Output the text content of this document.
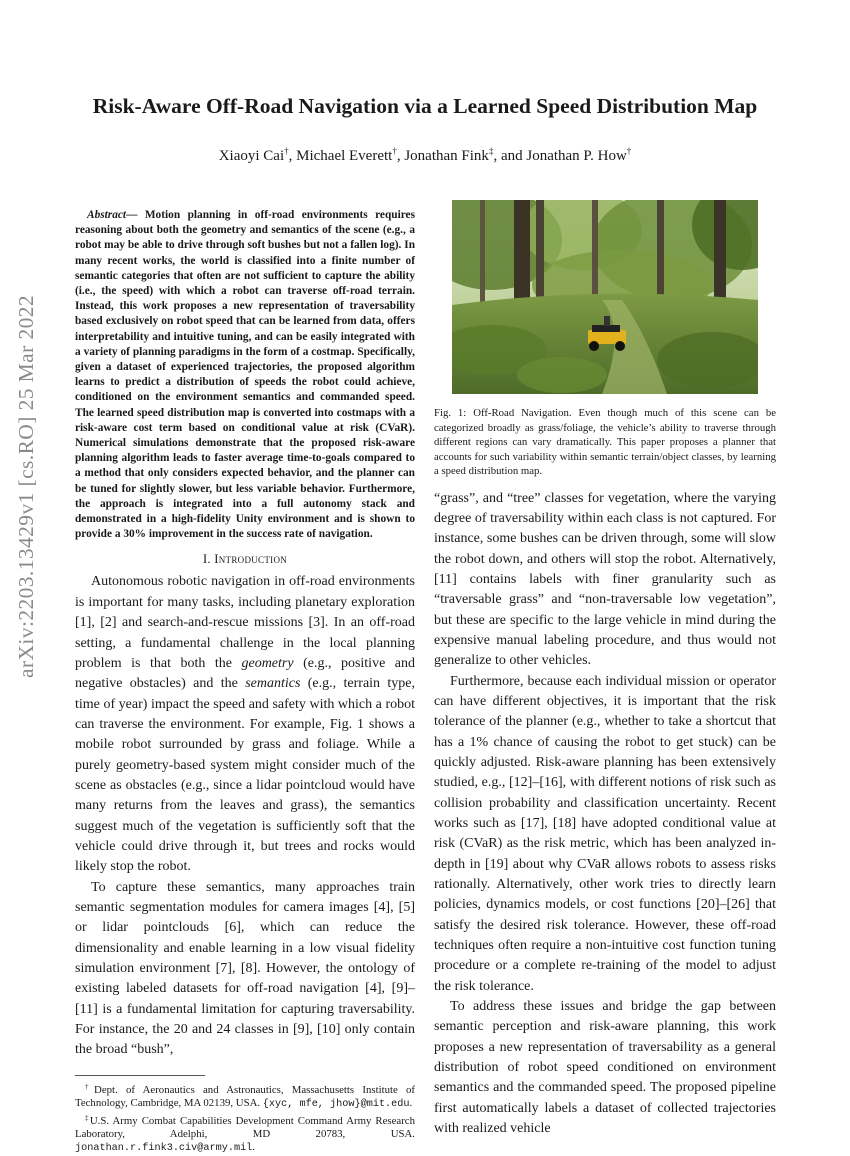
arXiv:2203.13429v1 [cs.RO] 25 Mar 2022
Risk-Aware Off-Road Navigation via a Learned Speed Distribution Map
Xiaoyi Cai†, Michael Everett†, Jonathan Fink‡, and Jonathan P. How†

Abstract— Motion planning in off-road environments requires reasoning about both the geometry and semantics of the scene (e.g., a robot may be able to drive through soft bushes but not a fallen log). In many recent works, the world is classified into a finite number of semantic categories that often are not sufficient to capture the ability (i.e., the speed) with which a robot can traverse off-road terrain. Instead, this work proposes a new representation of traversability based exclusively on robot speed that can be learned from data, offers interpretability and intuitive tuning, and can be easily integrated with a variety of planning paradigms in the form of a costmap. Specifically, given a dataset of experienced trajectories, the proposed algorithm learns to predict a distribution of speeds the robot could achieve, conditioned on the environment semantics and commanded speed. The learned speed distribution map is converted into costmaps with a risk-aware cost term based on conditional value at risk (CVaR). Numerical simulations demonstrate that the proposed risk-aware planning algorithm leads to faster average time-to-goals compared to a method that only considers expected behavior, and the planner can be tuned for slightly slower, but less variable behavior. Furthermore, the approach is integrated into a full autonomy stack and demonstrated in a high-fidelity Unity environment and is shown to provide a 30% improvement in the success rate of navigation.

I. Introduction

Autonomous robotic navigation in off-road environments is important for many tasks, including planetary exploration [1], [2] and search-and-rescue missions [3]. In an off-road setting, a fundamental challenge in the local planning problem is that both the geometry (e.g., positive and negative obstacles) and the semantics (e.g., terrain type, time of year) impact the speed and safety with which a robot can traverse the environment. For example, Fig. 1 shows a mobile robot surrounded by grass and foliage. While a purely geometry-based system might consider much of the scene as obstacles (e.g., since a lidar pointcloud would have many returns from the leaves and grass), the semantics suggest much of the vegetation is sufficiently soft that the vehicle could drive through it, but trees and rocks would likely stop the robot.

To capture these semantics, many approaches train semantic segmentation modules for camera images [4], [5] or lidar pointclouds [6], which can reduce the dimensionality and enable learning in a low visual fidelity simulation environment [7], [8]. However, the ontology of existing labeled datasets for off-road navigation [4], [9]–[11] is a fundamental limitation for capturing traversability. For instance, the 20 and 24 classes in [9], [10] only contain the broad “bush”,

†Dept. of Aeronautics and Astronautics, Massachusetts Institute of Technology, Cambridge, MA 02139, USA. {xyc, mfe, jhow}@mit.edu.

‡U.S. Army Combat Capabilities Development Command Army Research Laboratory, Adelphi, MD 20783, USA. jonathan.r.fink3.civ@army.mil.

Fig. 1: Off-Road Navigation. Even though much of this scene can be categorized broadly as grass/foliage, the vehicle’s ability to traverse through different regions can vary dramatically. This paper proposes a planner that accounts for such variability within semantic terrain/object classes, by learning a speed distribution map.

“grass”, and “tree” classes for vegetation, where the varying degree of traversability within each class is not captured. For instance, some bushes can be driven through, some will slow the robot down, and others will stop the robot. Alternatively, [11] contains labels with finer granularity such as “traversable grass” and “non-traversable low vegetation”, but these are specific to the large vehicle in mind during the expensive manual labeling procedure, and thus would not generalize to other vehicles.

Furthermore, because each individual mission or operator can have different objectives, it is important that the risk tolerance of the planner (e.g., whether to take a shortcut that has a 1% chance of causing the robot to get stuck) can be quickly adjusted. Risk-aware planning has been extensively studied, e.g., [12]–[16], with different notions of risk such as collision probability and classification uncertainty. Recent works such as [17], [18] have adopted conditional value at risk (CVaR) as the risk metric, which has been analyzed in-depth in [19] about why CVaR allows robots to assess risks rationally. Alternatively, other work tries to directly learn policies, dynamics models, or cost functions [20]–[26] that satisfy the desired risk tolerance. However, these off-road techniques often require a non-intuitive cost function tuning procedure or a complete re-training of the model to adjust the risk tolerance.

To address these issues and bridge the gap between semantic perception and risk-aware planning, this work proposes a new representation of traversability as a general distribution of robot speed conditioned on environment semantics and the commanded speed. The proposed pipeline first automatically labels a dataset of collected trajectories with realized vehicle
